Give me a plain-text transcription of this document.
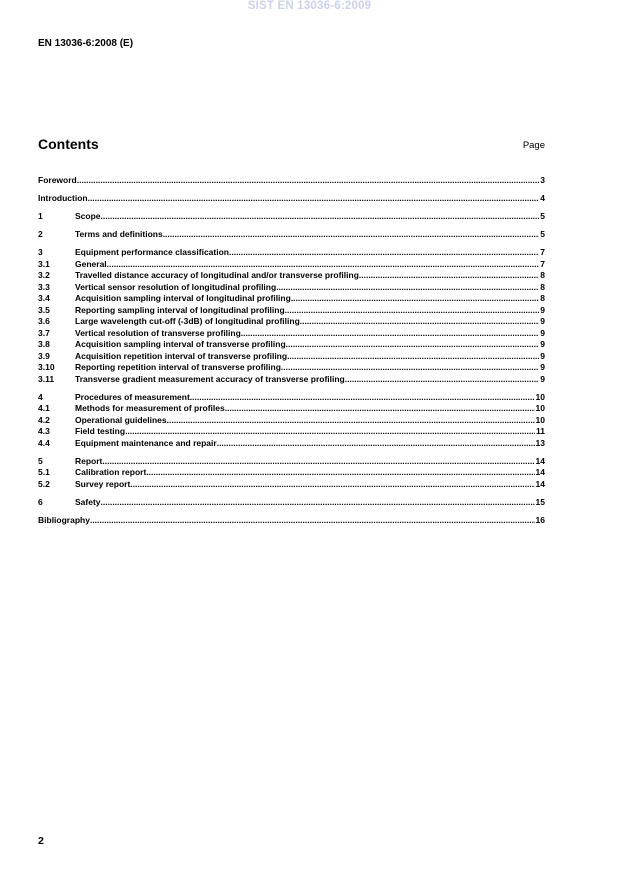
SIST EN 13036-6:2009
EN 13036-6:2008 (E)
Contents	Page
Foreword .....	3
Introduction .....	4
1	Scope .....	5
2	Terms and definitions .....	5
3	Equipment performance classification .....	7
3.1	General .....	7
3.2	Travelled distance accuracy of longitudinal and/or transverse profiling .....	8
3.3	Vertical sensor resolution of longitudinal profiling .....	8
3.4	Acquisition sampling interval of longitudinal profiling .....	8
3.5	Reporting sampling interval of longitudinal profiling .....	9
3.6	Large wavelength cut-off (-3dB) of longitudinal profiling .....	9
3.7	Vertical resolution of transverse profiling .....	9
3.8	Acquisition sampling interval of transverse profiling .....	9
3.9	Acquisition repetition interval of transverse profiling .....	9
3.10	Reporting repetition interval of transverse profiling .....	9
3.11	Transverse gradient measurement accuracy of transverse profiling .....	9
4	Procedures of measurement .....	10
4.1	Methods for measurement of profiles .....	10
4.2	Operational guidelines .....	10
4.3	Field testing .....	11
4.4	Equipment maintenance and repair .....	13
5	Report .....	14
5.1	Calibration report .....	14
5.2	Survey report .....	14
6	Safety .....	15
Bibliography .....	16
2
